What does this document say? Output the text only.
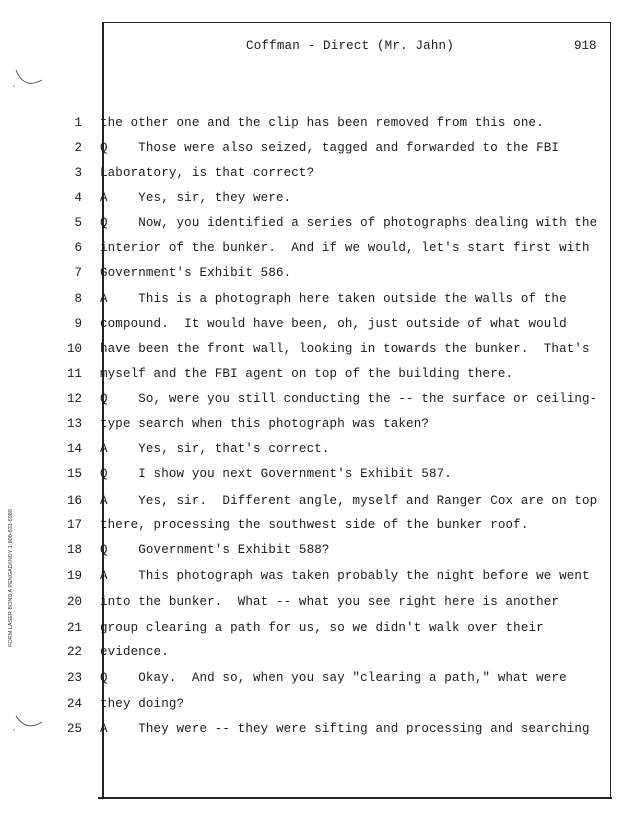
FORM LASER BOND A PENGAD/INDY 1-800-631-6989
Coffman - Direct (Mr. Jahn)	918
1 the other one and the clip has been removed from this one.
2 Q    Those were also seized, tagged and forwarded to the FBI
3 Laboratory, is that correct?
4 A    Yes, sir, they were.
5 Q    Now, you identified a series of photographs dealing with the
6 interior of the bunker.  And if we would, let's start first with
7 Government's Exhibit 586.
8 A    This is a photograph here taken outside the walls of the
9 compound.  It would have been, oh, just outside of what would
10 have been the front wall, looking in towards the bunker.  That's
11 myself and the FBI agent on top of the building there.
12 Q    So, were you still conducting the -- the surface or ceiling-
13 type search when this photograph was taken?
14 A    Yes, sir, that's correct.
15 Q    I show you next Government's Exhibit 587.
16 A    Yes, sir.  Different angle, myself and Ranger Cox are on top
17 there, processing the southwest side of the bunker roof.
18 Q    Government's Exhibit 588?
19 A    This photograph was taken probably the night before we went
20 into the bunker.  What -- what you see right here is another
21 group clearing a path for us, so we didn't walk over their
22 evidence.
23 Q    Okay.  And so, when you say "clearing a path," what were
24 they doing?
25 A    They were -- they were sifting and processing and searching
